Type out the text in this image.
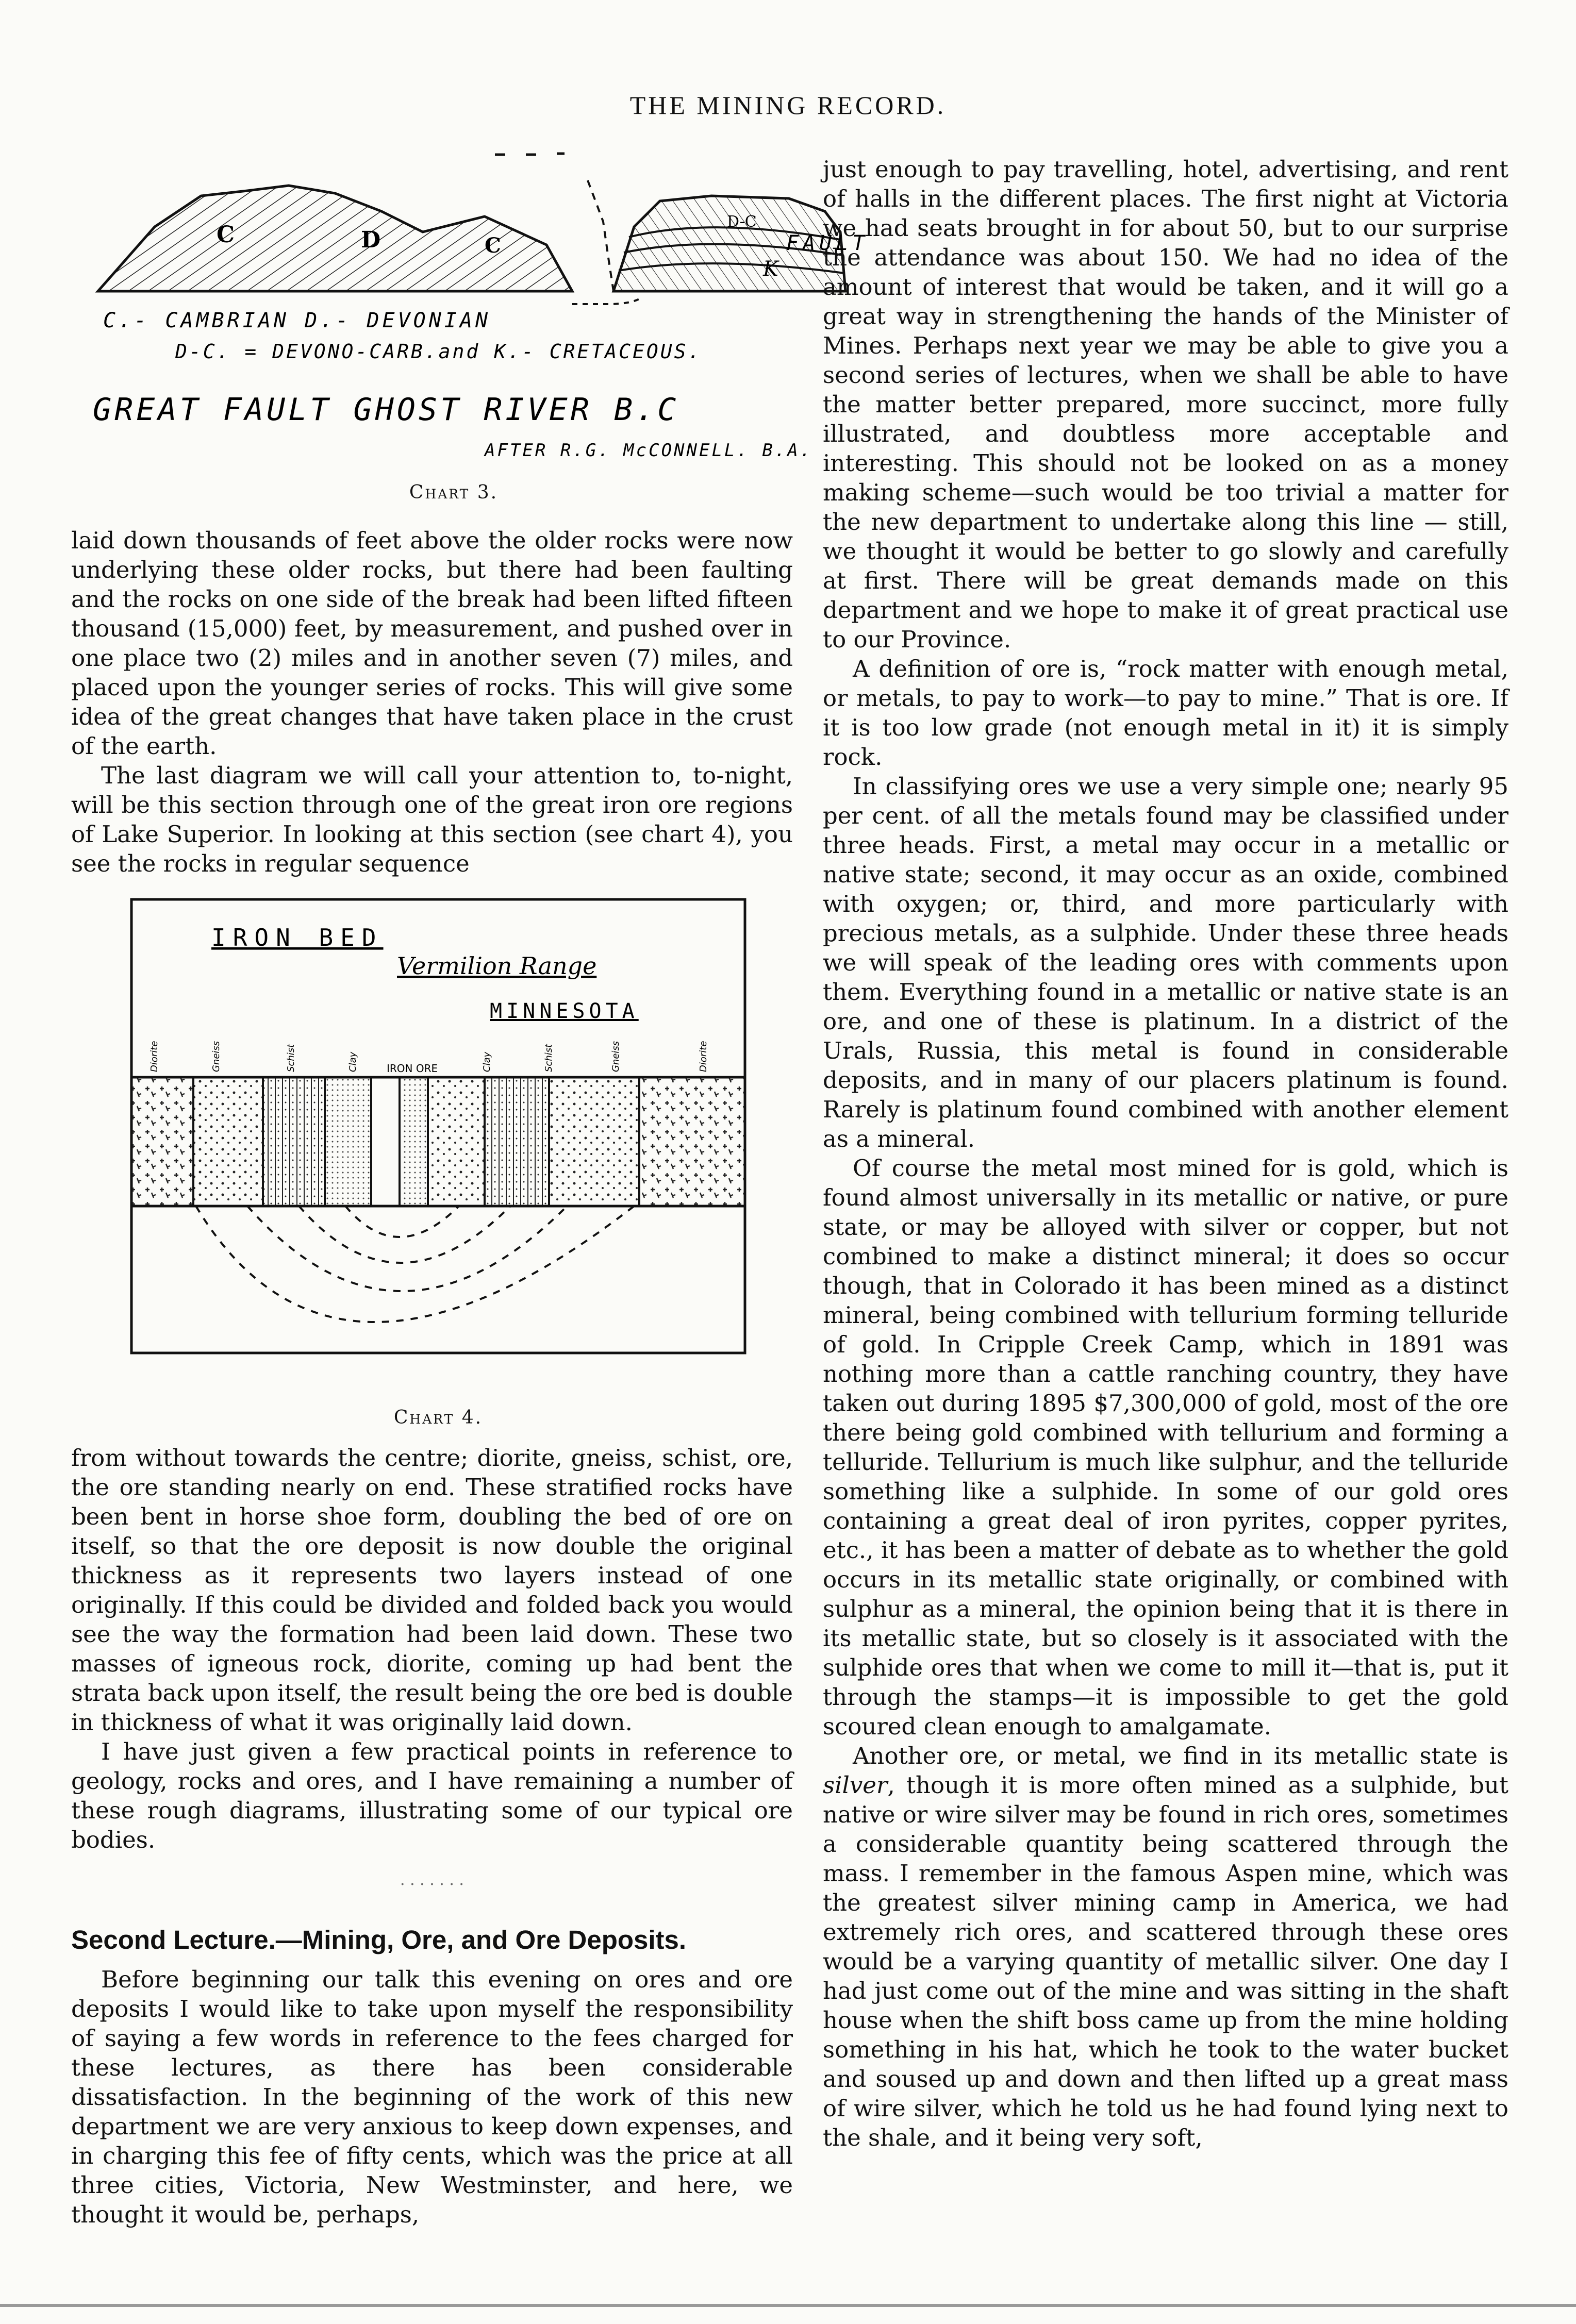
THE MINING RECORD.
C	D	C
D-C
K
FAULT
C.- CAMBRIAN D.- DEVONIAN
D-C. = DEVONO-CARB.and K.- CRETACEOUS.
GREAT FAULT GHOST RIVER B.C
AFTER R.G. McCONNELL. B.A.
Chart 3.

laid down thousands of feet above the older rocks were now underlying these older rocks, but there had been faulting and the rocks on one side of the break had been lifted fifteen thousand (15,000) feet, by measurement, and pushed over in one place two (2) miles and in another seven (7) miles, and placed upon the younger series of rocks. This will give some idea of the great changes that have taken place in the crust of the earth.

The last diagram we will call your attention to, to-night, will be this section through one of the great iron ore regions of Lake Superior. In looking at this section (see chart 4), you see the rocks in regular sequence

IRON BED
Vermilion Range
MINNESOTA
Diorite	Gneiss	Schist	Clay	IRON ORE	Clay	Schist	Gneiss	Diorite
Chart 4.

from without towards the centre; diorite, gneiss, schist, ore, the ore standing nearly on end. These stratified rocks have been bent in horse shoe form, doubling the bed of ore on itself, so that the ore deposit is now double the original thickness as it represents two layers instead of one originally. If this could be divided and folded back you would see the way the formation had been laid down. These two masses of igneous rock, diorite, coming up had bent the strata back upon itself, the result being the ore bed is double in thickness of what it was originally laid down.

I have just given a few practical points in reference to geology, rocks and ores, and I have remaining a number of these rough diagrams, illustrating some of our typical ore bodies.

· · · · · · ·
Second Lecture.—Mining, Ore, and Ore Deposits.

Before beginning our talk this evening on ores and ore deposits I would like to take upon myself the responsibility of saying a few words in reference to the fees charged for these lectures, as there has been considerable dissatisfaction. In the beginning of the work of this new department we are very anxious to keep down expenses, and in charging this fee of fifty cents, which was the price at all three cities, Victoria, New Westminster, and here, we thought it would be, perhaps,

just enough to pay travelling, hotel, advertising, and rent of halls in the different places. The first night at Victoria we had seats brought in for about 50, but to our surprise the attendance was about 150. We had no idea of the amount of interest that would be taken, and it will go a great way in strengthening the hands of the Minister of Mines. Perhaps next year we may be able to give you a second series of lectures, when we shall be able to have the matter better prepared, more succinct, more fully illustrated, and doubtless more acceptable and interesting. This should not be looked on as a money making scheme—such would be too trivial a matter for the new department to undertake along this line — still, we thought it would be better to go slowly and carefully at first. There will be great demands made on this department and we hope to make it of great practical use to our Province.

A definition of ore is, “rock matter with enough metal, or metals, to pay to work—to pay to mine.” That is ore. If it is too low grade (not enough metal in it) it is simply rock.

In classifying ores we use a very simple one; nearly 95 per cent. of all the metals found may be classified under three heads. First, a metal may occur in a metallic or native state; second, it may occur as an oxide, combined with oxygen; or, third, and more particularly with precious metals, as a sulphide. Under these three heads we will speak of the leading ores with comments upon them. Everything found in a metallic or native state is an ore, and one of these is platinum. In a district of the Urals, Russia, this metal is found in considerable deposits, and in many of our placers platinum is found. Rarely is platinum found combined with another element as a mineral.

Of course the metal most mined for is gold, which is found almost universally in its metallic or native, or pure state, or may be alloyed with silver or copper, but not combined to make a distinct mineral; it does so occur though, that in Colorado it has been mined as a distinct mineral, being combined with tellurium forming telluride of gold. In Cripple Creek Camp, which in 1891 was nothing more than a cattle ranching country, they have taken out during 1895 $7,300,000 of gold, most of the ore there being gold combined with tellurium and forming a telluride. Tellurium is much like sulphur, and the telluride something like a sulphide. In some of our gold ores containing a great deal of iron pyrites, copper pyrites, etc., it has been a matter of debate as to whether the gold occurs in its metallic state originally, or combined with sulphur as a mineral, the opinion being that it is there in its metallic state, but so closely is it associated with the sulphide ores that when we come to mill it—that is, put it through the stamps—it is impossible to get the gold scoured clean enough to amalgamate.

Another ore, or metal, we find in its metallic state is silver, though it is more often mined as a sulphide, but native or wire silver may be found in rich ores, sometimes a considerable quantity being scattered through the mass. I remember in the famous Aspen mine, which was the greatest silver mining camp in America, we had extremely rich ores, and scattered through these ores would be a varying quantity of metallic silver. One day I had just come out of the mine and was sitting in the shaft house when the shift boss came up from the mine holding something in his hat, which he took to the water bucket and soused up and down and then lifted up a great mass of wire silver, which he told us he had found lying next to the shale, and it being very soft,
